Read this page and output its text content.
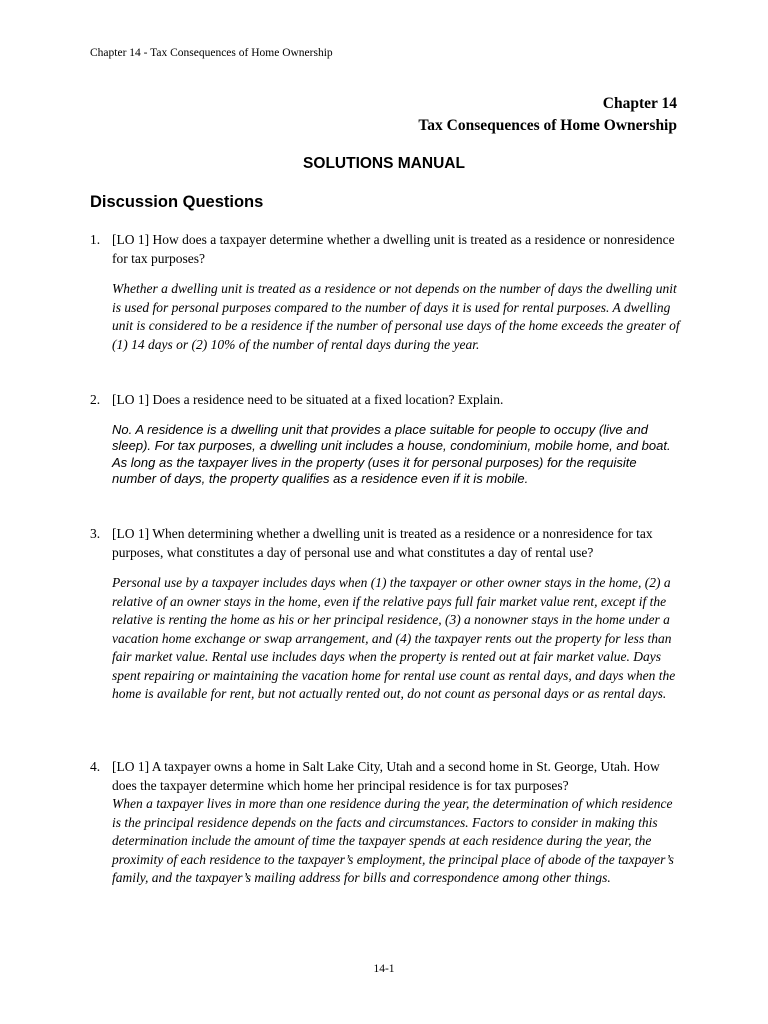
Chapter 14 - Tax Consequences of Home Ownership
Chapter 14
Tax Consequences of Home Ownership
SOLUTIONS MANUAL
Discussion Questions
1. [LO 1] How does a taxpayer determine whether a dwelling unit is treated as a residence or nonresidence for tax purposes?
Whether a dwelling unit is treated as a residence or not depends on the number of days the dwelling unit is used for personal purposes compared to the number of days it is used for rental purposes. A dwelling unit is considered to be a residence if the number of personal use days of the home exceeds the greater of (1) 14 days or (2) 10% of the number of rental days during the year.
2. [LO 1] Does a residence need to be situated at a fixed location? Explain.
No. A residence is a dwelling unit that provides a place suitable for people to occupy (live and sleep). For tax purposes, a dwelling unit includes a house, condominium, mobile home, and boat. As long as the taxpayer lives in the property (uses it for personal purposes) for the requisite number of days, the property qualifies as a residence even if it is mobile.
3. [LO 1] When determining whether a dwelling unit is treated as a residence or a nonresidence for tax purposes, what constitutes a day of personal use and what constitutes a day of rental use?
Personal use by a taxpayer includes days when (1) the taxpayer or other owner stays in the home, (2) a relative of an owner stays in the home, even if the relative pays full fair market value rent, except if the relative is renting the home as his or her principal residence, (3) a nonowner stays in the home under a vacation home exchange or swap arrangement, and (4) the taxpayer rents out the property for less than fair market value. Rental use includes days when the property is rented out at fair market value. Days spent repairing or maintaining the vacation home for rental use count as rental days, and days when the home is available for rent, but not actually rented out, do not count as personal days or as rental days.
4. [LO 1] A taxpayer owns a home in Salt Lake City, Utah and a second home in St. George, Utah. How does the taxpayer determine which home her principal residence is for tax purposes?
When a taxpayer lives in more than one residence during the year, the determination of which residence is the principal residence depends on the facts and circumstances. Factors to consider in making this determination include the amount of time the taxpayer spends at each residence during the year, the proximity of each residence to the taxpayer’s employment, the principal place of abode of the taxpayer’s family, and the taxpayer’s mailing address for bills and correspondence among other things.
14-1
